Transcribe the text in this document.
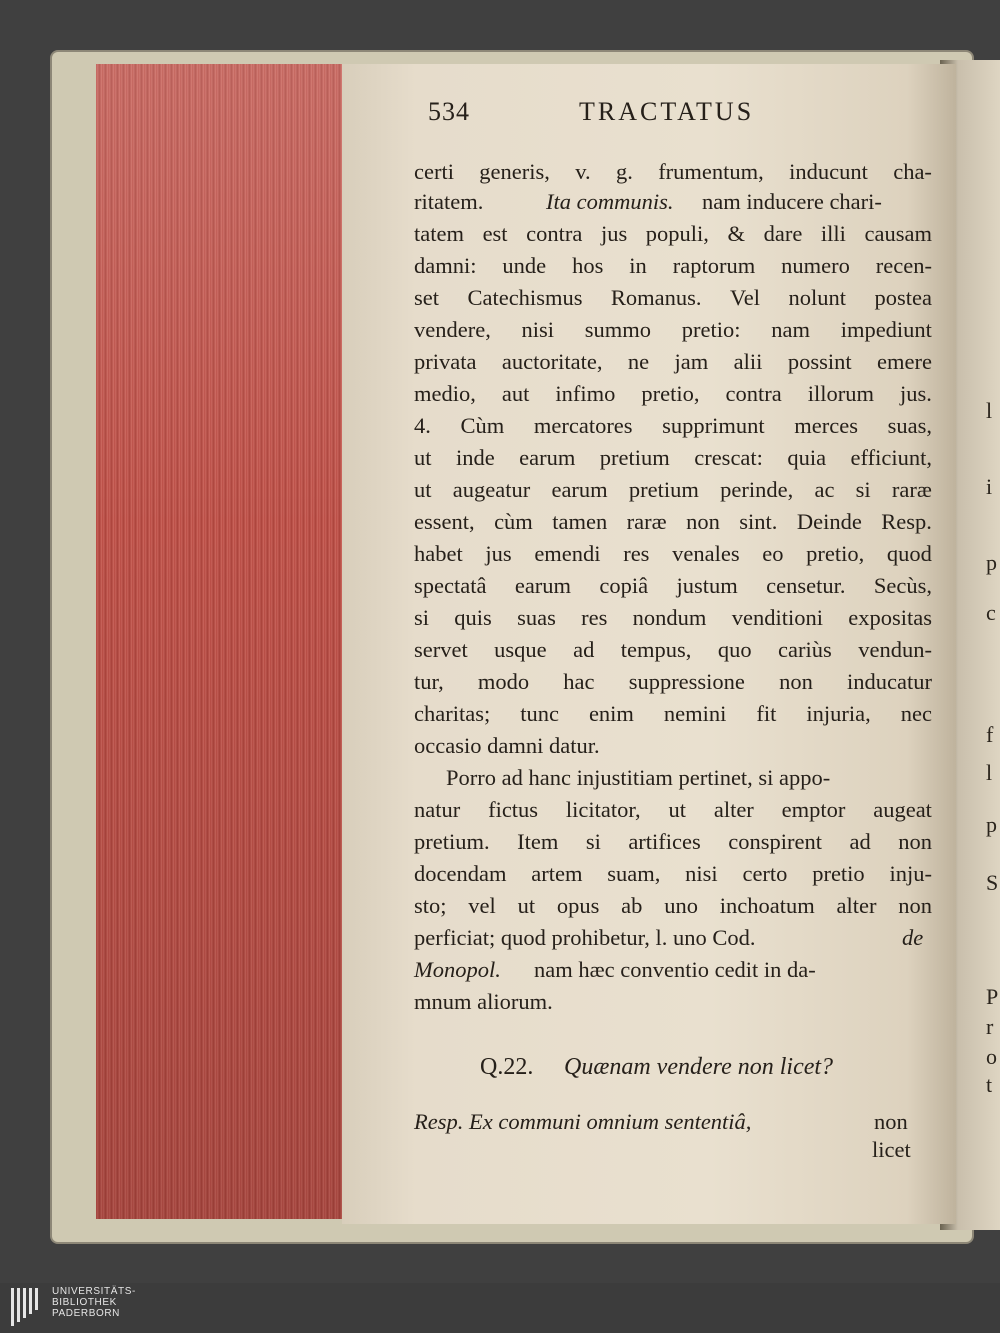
l
i
p
c
f
l
p
S
P
r
o
t
534	TRACTATUS
certi generis, v. g. frumentum, inducunt cha-
ritatem.	Ita communis. nam inducere chari-
tatem est contra jus populi, & dare illi causam
damni: unde hos in raptorum numero recen-
set Catechismus Romanus. Vel nolunt postea
vendere, nisi summo pretio: nam impediunt
privata auctoritate, ne jam alii possint emere
medio, aut infimo pretio, contra illorum jus.
4. Cùm mercatores supprimunt merces suas,
ut inde earum pretium crescat: quia efficiunt,
ut augeatur earum pretium perinde, ac si raræ
essent, cùm tamen raræ non sint. Deinde Resp.
habet jus emendi res venales eo pretio, quod
spectatâ earum copiâ justum censetur. Secùs,
si quis suas res nondum venditioni expositas
servet usque ad tempus, quo cariùs vendun-
tur, modo hac suppressione non inducatur
charitas; tunc enim nemini fit injuria, nec
occasio damni datur.
Porro ad hanc injustitiam pertinet, si appo-
natur fictus licitator, ut alter emptor augeat
pretium. Item si artifices conspirent ad non
docendam artem suam, nisi certo pretio inju-
sto; vel ut opus ab uno inchoatum alter non
perficiat; quod prohibetur, l. uno Cod.	de
Monopol. nam hæc conventio cedit in da-
mnum aliorum.
Q.22. Quænam vendere non licet?
Resp. Ex communi omnium sententiâ,	non
licet
UNIVERSITÄTS-
BIBLIOTHEK
PADERBORN
